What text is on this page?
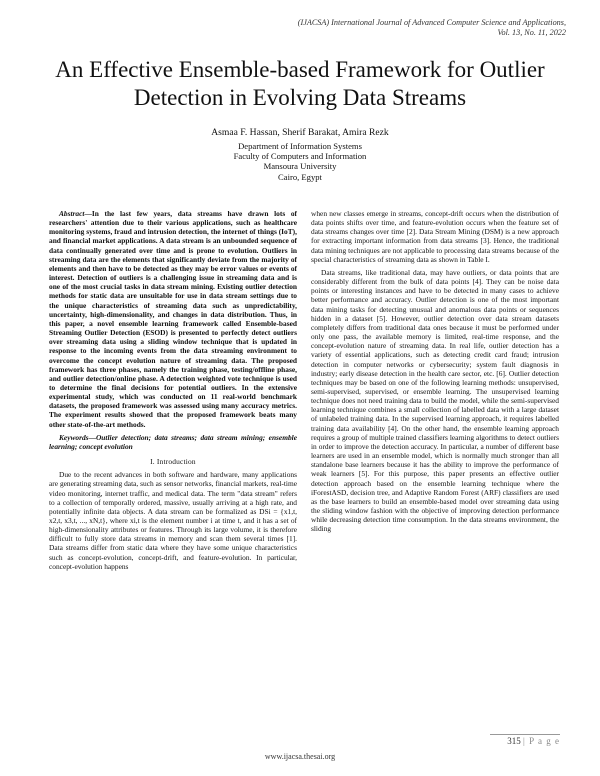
(IJACSA) International Journal of Advanced Computer Science and Applications,
Vol. 13, No. 11, 2022
An Effective Ensemble-based Framework for Outlier Detection in Evolving Data Streams
Asmaa F. Hassan, Sherif Barakat, Amira Rezk
Department of Information Systems
Faculty of Computers and Information
Mansoura University
Cairo, Egypt

Abstract—In the last few years, data streams have drawn lots of researchers' attention due to their various applications, such as healthcare monitoring systems, fraud and intrusion detection, the internet of things (IoT), and financial market applications. A data stream is an unbounded sequence of data continually generated over time and is prone to evolution. Outliers in streaming data are the elements that significantly deviate from the majority of elements and then have to be detected as they may be error values or events of interest. Detection of outliers is a challenging issue in streaming data and is one of the most crucial tasks in data stream mining. Existing outlier detection methods for static data are unsuitable for use in data stream settings due to the unique characteristics of streaming data such as unpredictability, uncertainty, high-dimensionality, and changes in data distribution. Thus, in this paper, a novel ensemble learning framework called Ensemble-based Streaming Outlier Detection (ESOD) is presented to perfectly detect outliers over streaming data using a sliding window technique that is updated in response to the incoming events from the data streaming environment to overcome the concept evolution nature of streaming data. The proposed framework has three phases, namely the training phase, testing/offline phase, and outlier detection/online phase. A detection weighted vote technique is used to determine the final decisions for potential outliers. In the extensive experimental study, which was conducted on 11 real-world benchmark datasets, the proposed framework was assessed using many accuracy metrics. The experiment results showed that the proposed framework beats many other state-of-the-art methods.

Keywords—Outlier detection; data streams; data stream mining; ensemble learning; concept evolution

I. Introduction

Due to the recent advances in both software and hardware, many applications are generating streaming data, such as sensor networks, financial markets, real-time video monitoring, internet traffic, and medical data. The term "data stream" refers to a collection of temporally ordered, massive, usually arriving at a high rate, and potentially infinite data objects. A data stream can be formalized as DSi = {x1,t, x2,t, x3,t, ..., xN,t}, where xi,t is the element number i at time t, and it has a set of high-dimensionality attributes or features. Through its large volume, it is therefore difficult to fully store data streams in memory and scan them several times [1]. Data streams differ from static data where they have some unique characteristics such as concept-evolution, concept-drift, and feature-evolution. In particular, concept-evolution happens

when new classes emerge in streams, concept-drift occurs when the distribution of data points shifts over time, and feature-evolution occurs when the feature set of data streams changes over time [2]. Data Stream Mining (DSM) is a new approach for extracting important information from data streams [3]. Hence, the traditional data mining techniques are not applicable to processing data streams because of the special characteristics of streaming data as shown in Table I.

Data streams, like traditional data, may have outliers, or data points that are considerably different from the bulk of data points [4]. They can be noise data points or interesting instances and have to be detected in many cases to achieve better performance and accuracy. Outlier detection is one of the most important data mining tasks for detecting unusual and anomalous data points or sequences hidden in a dataset [5]. However, outlier detection over data stream datasets completely differs from traditional data ones because it must be performed under only one pass, the available memory is limited, real-time response, and the concept-evolution nature of streaming data. In real life, outlier detection has a variety of essential applications, such as detecting credit card fraud; intrusion detection in computer networks or cybersecurity; system fault diagnosis in industry; early disease detection in the health care sector, etc. [6]. Outlier detection techniques may be based on one of the following learning methods: unsupervised, semi-supervised, supervised, or ensemble learning. The unsupervised learning technique does not need training data to build the model, while the semi-supervised learning technique combines a small collection of labelled data with a large dataset of unlabeled training data. In the supervised learning approach, it requires labelled training data availability [4]. On the other hand, the ensemble learning approach requires a group of multiple trained classifiers learning algorithms to detect outliers in order to improve the detection accuracy. In particular, a number of different base learners are used in an ensemble model, which is normally much stronger than all standalone base learners because it has the ability to improve the performance of weak learners [5]. For this purpose, this paper presents an effective outlier detection approach based on the ensemble learning technique where the iForestASD, decision tree, and Adaptive Random Forest (ARF) classifiers are used as the base learners to build an ensemble-based model over streaming data using the sliding window fashion with the objective of improving detection performance while decreasing detection time consumption. In the data streams environment, the sliding

315 | P a g e
www.ijacsa.thesai.org
